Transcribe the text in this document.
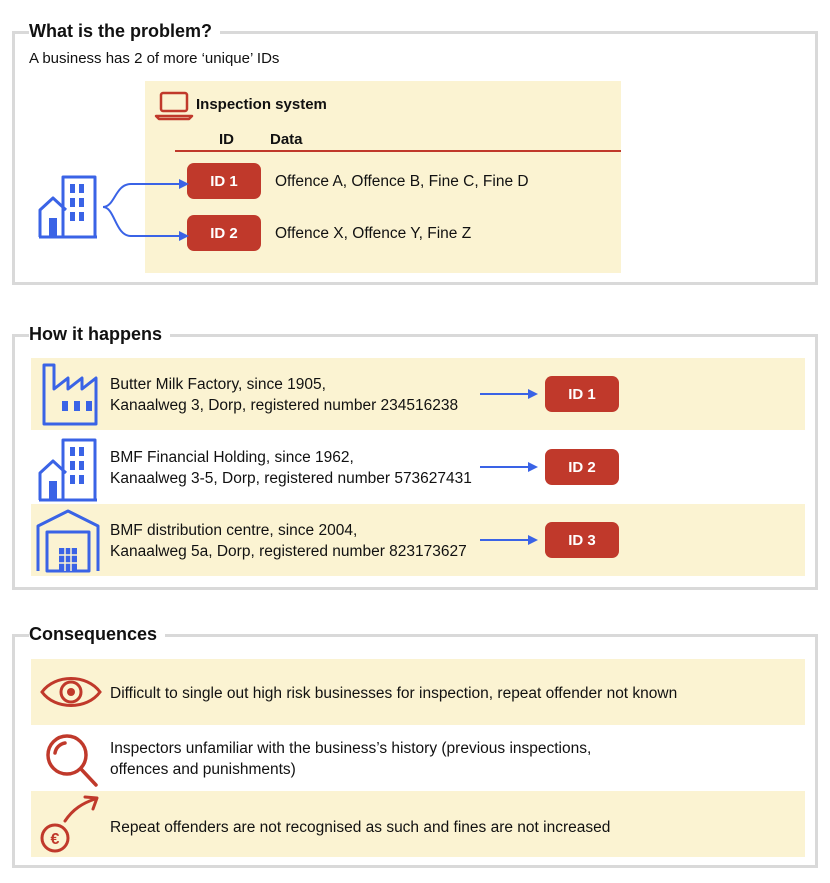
What is the problem?
A business has 2 of more ‘unique’ IDs
Inspection system
ID Data
ID 1	Offence A, Offence B, Fine C, Fine D
ID 2	Offence X, Offence Y, Fine Z
How it happens
Butter Milk Factory, since 1905,
Kanaalweg 3, Dorp, registered number 234516238
ID 1
BMF Financial Holding, since 1962,
Kanaalweg 3-5, Dorp, registered number 573627431
ID 2
BMF distribution centre, since 2004,
Kanaalweg 5a, Dorp, registered number 823173627
ID 3
Consequences
Difficult to single out high risk businesses for inspection, repeat offender not known
Inspectors unfamiliar with the business’s history (previous inspections,
offences and punishments)
€
Repeat offenders are not recognised as such and fines are not increased
